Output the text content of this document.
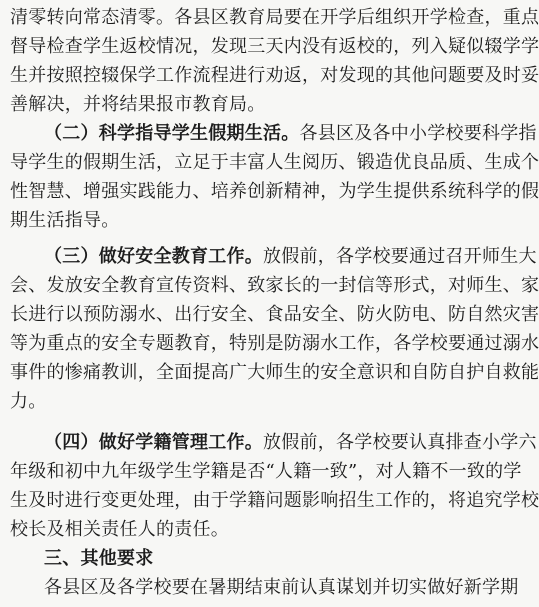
清零转向常态清零。各县区教育局要在开学后组织开学检查，重点
督导检查学生返校情况，发现三天内没有返校的，列入疑似辍学学
生并按照控辍保学工作流程进行劝返，对发现的其他问题要及时妥
善解决，并将结果报市教育局。
（二）科学指导学生假期生活。各县区及各中小学校要科学指
导学生的假期生活，立足于丰富人生阅历、锻造优良品质、生成个
性智慧、增强实践能力、培养创新精神，为学生提供系统科学的假
期生活指导。
（三）做好安全教育工作。放假前，各学校要通过召开师生大
会、发放安全教育宣传资料、致家长的一封信等形式，对师生、家
长进行以预防溺水、出行安全、食品安全、防火防电、防自然灾害
等为重点的安全专题教育，特别是防溺水工作，各学校要通过溺水
事件的惨痛教训，全面提高广大师生的安全意识和自防自护自救能
力。
（四）做好学籍管理工作。放假前，各学校要认真排查小学六
年级和初中九年级学生学籍是否“人籍一致”，对人籍不一致的学
生及时进行变更处理，由于学籍问题影响招生工作的，将追究学校
校长及相关责任人的责任。
三、其他要求
各县区及各学校要在暑期结束前认真谋划并切实做好新学期
